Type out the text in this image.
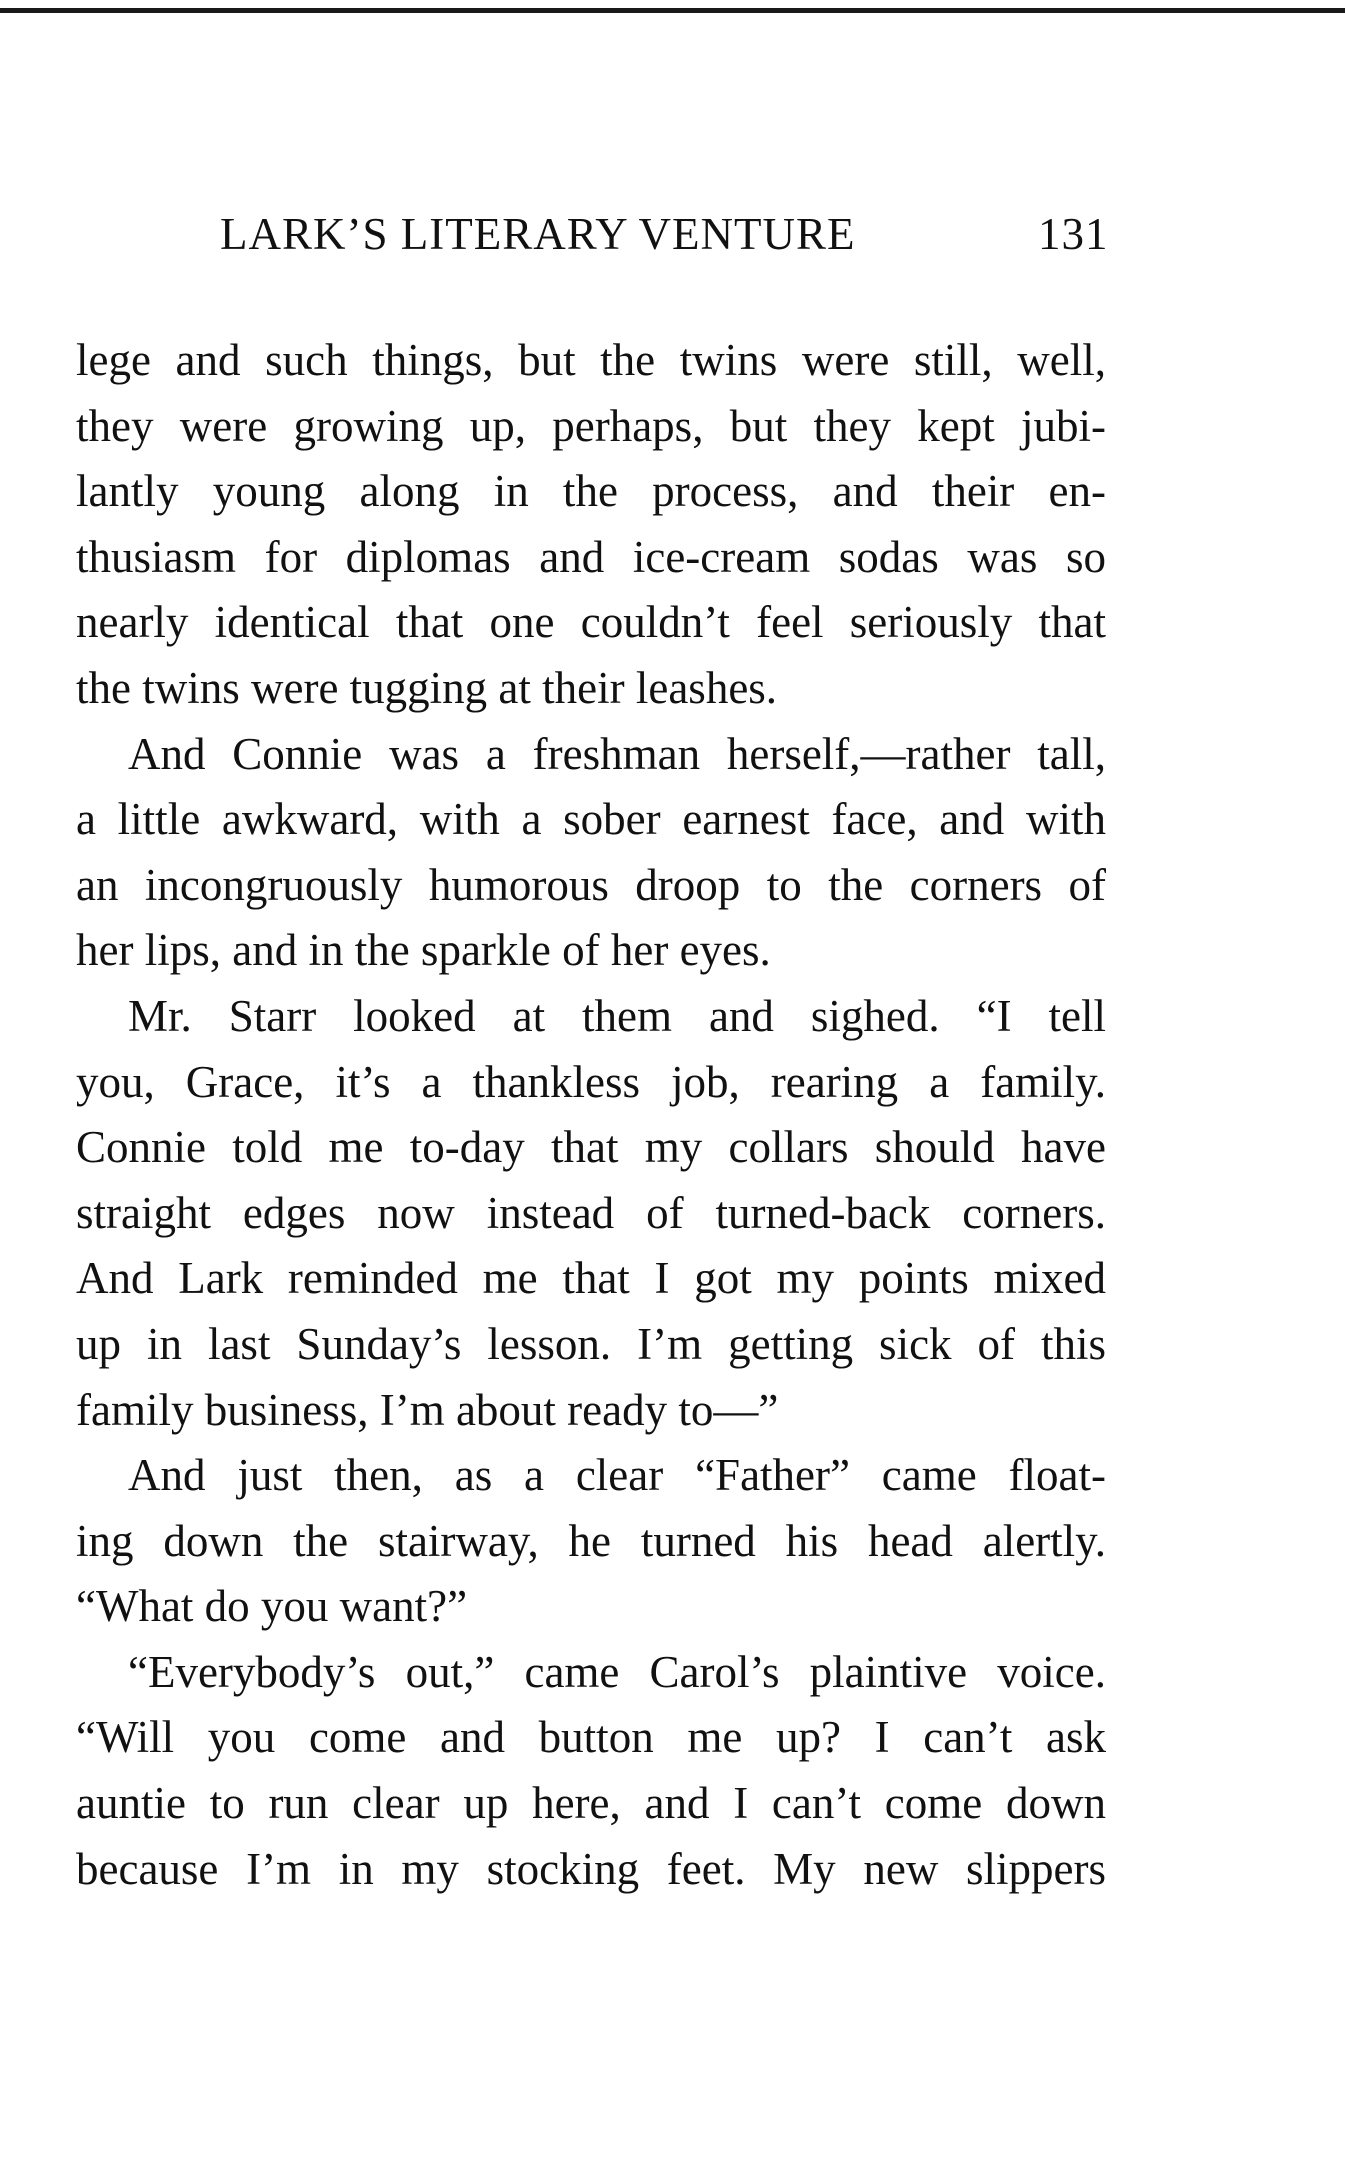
LARK’S LITERARY VENTURE	131
lege and such things, but the twins were still, well,
they were growing up, perhaps, but they kept jubi-
lantly young along in the process, and their en-
thusiasm for diplomas and ice-cream sodas was so
nearly identical that one couldn’t feel seriously that
the twins were tugging at their leashes.
And Connie was a freshman herself,—rather tall,
a little awkward, with a sober earnest face, and with
an incongruously humorous droop to the corners of
her lips, and in the sparkle of her eyes.
Mr. Starr looked at them and sighed. “I tell
you, Grace, it’s a thankless job, rearing a family.
Connie told me to-day that my collars should have
straight edges now instead of turned-back corners.
And Lark reminded me that I got my points mixed
up in last Sunday’s lesson. I’m getting sick of this
family business, I’m about ready to—”
And just then, as a clear “Father” came float-
ing down the stairway, he turned his head alertly.
“What do you want?”
“Everybody’s out,” came Carol’s plaintive voice.
“Will you come and button me up? I can’t ask
auntie to run clear up here, and I can’t come down
because I’m in my stocking feet. My new slippers
